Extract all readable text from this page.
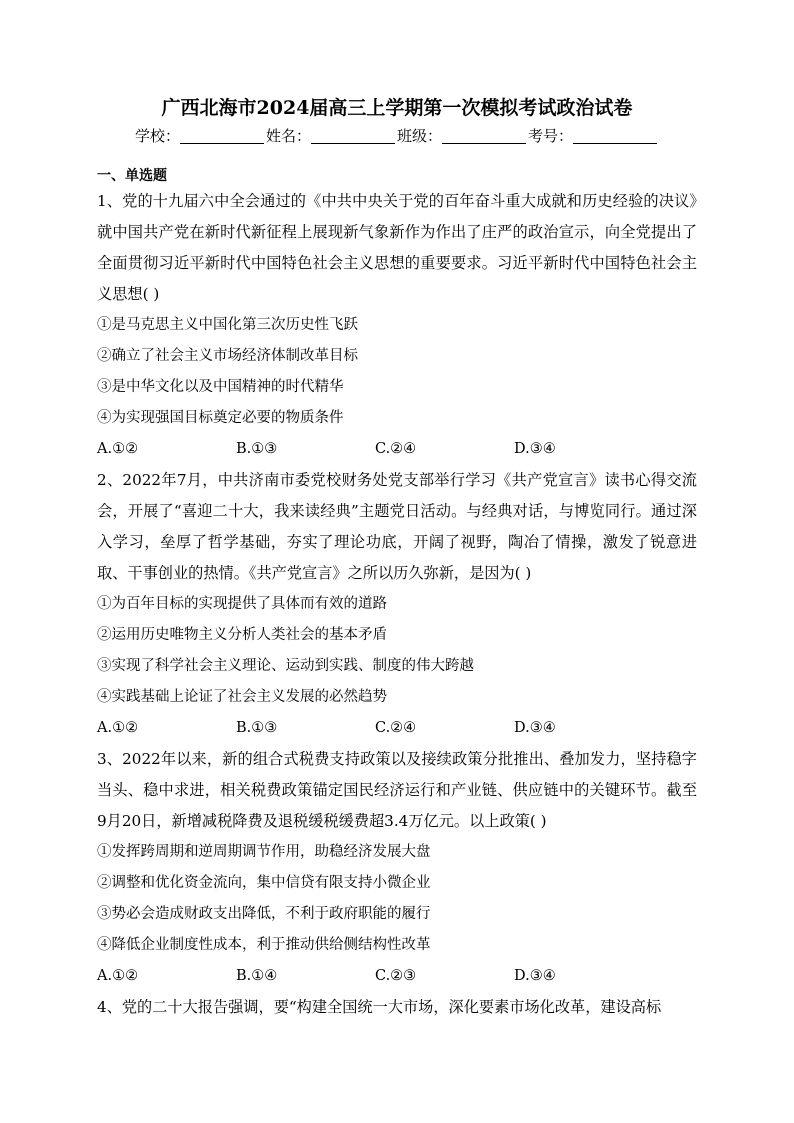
广西北海市2024届高三上学期第一次模拟考试政治试卷
学校：	姓名：	班级：	考号：
一、单选题

1、党的十九届六中全会通过的《中共中央关于党的百年奋斗重大成就和历史经验的决议》就中国共产党在新时代新征程上展现新气象新作为作出了庄严的政治宣示，向全党提出了全面贯彻习近平新时代中国特色社会主义思想的重要要求。习近平新时代中国特色社会主义思想( )

①是马克思主义中国化第三次历史性飞跃

②确立了社会主义市场经济体制改革目标

③是中华文化以及中国精神的时代精华

④为实现强国目标奠定必要的物质条件

A.①②	B.①③	C.②④	D.③④

2、2022年7月，中共济南市委党校财务处党支部举行学习《共产党宣言》读书心得交流会，开展了“喜迎二十大，我来读经典”主题党日活动。与经典对话，与博览同行。通过深入学习，垒厚了哲学基础，夯实了理论功底，开阔了视野，陶冶了情操，激发了锐意进取、干事创业的热情。《共产党宣言》之所以历久弥新，是因为( )

①为百年目标的实现提供了具体而有效的道路

②运用历史唯物主义分析人类社会的基本矛盾

③实现了科学社会主义理论、运动到实践、制度的伟大跨越

④实践基础上论证了社会主义发展的必然趋势

A.①②	B.①③	C.②④	D.③④

3、2022年以来，新的组合式税费支持政策以及接续政策分批推出、叠加发力，坚持稳字当头、稳中求进，相关税费政策锚定国民经济运行和产业链、供应链中的关键环节。截至9月20日，新增减税降费及退税缓税缓费超3.4万亿元。以上政策( )

①发挥跨周期和逆周期调节作用，助稳经济发展大盘

②调整和优化资金流向，集中信贷有限支持小微企业

③势必会造成财政支出降低，不利于政府职能的履行

④降低企业制度性成本，利于推动供给侧结构性改革

A.①②	B.①④	C.②③	D.③④

4、党的二十大报告强调，要“构建全国统一大市场，深化要素市场化改革，建设高标
